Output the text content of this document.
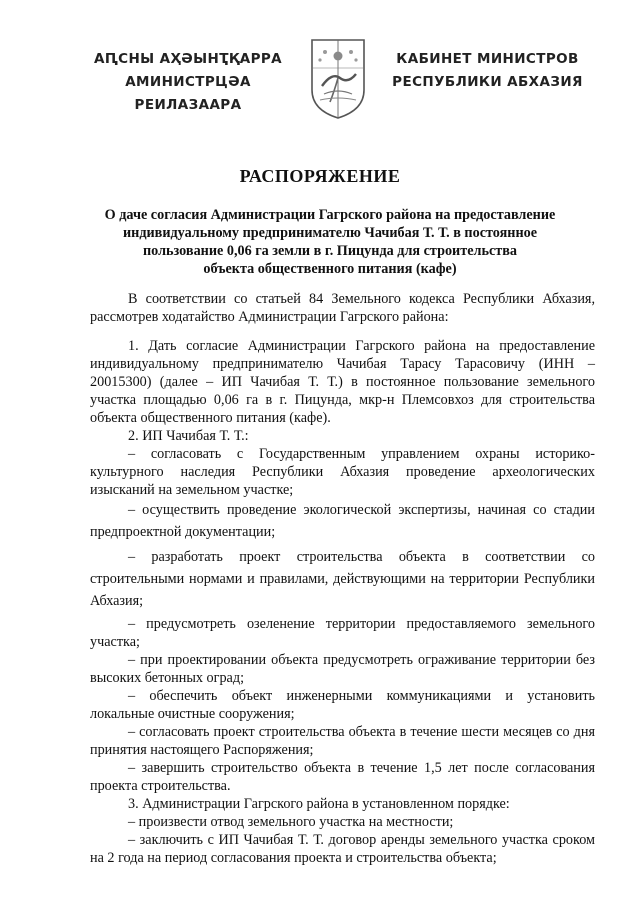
АԤСНЫ АҲӘЫНҬҚАРРА
АМИНИСТРЦӘА РЕИЛАЗААРА
КАБИНЕТ МИНИСТРОВ
РЕСПУБЛИКИ АБХАЗИЯ
РАСПОРЯЖЕНИЕ
О даче согласия Администрации Гагрского района на предоставление
индивидуальному предпринимателю Чачибая Т. Т. в постоянное
пользование 0,06 га земли в г. Пицунда для строительства
объекта общественного питания (кафе)

В соответствии со статьей 84 Земельного кодекса Республики Абхазия, рассмотрев ходатайство Администрации Гагрского района:

1. Дать согласие Администрации Гагрского района на предоставление индивидуальному предпринимателю Чачибая Тарасу Тарасовичу (ИНН – 20015300) (далее – ИП Чачибая Т. Т.) в постоянное пользование земельного участка площадью 0,06 га в г. Пицунда, мкр-н Племсовхоз для строительства объекта общественного питания (кафе).

2. ИП Чачибая Т. Т.:

– согласовать с Государственным управлением охраны историко-культурного наследия Республики Абхазия проведение археологических изысканий на земельном участке;

– осуществить проведение экологической экспертизы, начиная со стадии предпроектной документации;

– разработать проект строительства объекта в соответствии со строительными нормами и правилами, действующими на территории Республики Абхазия;

– предусмотреть озеленение территории предоставляемого земельного участка;

– при проектировании объекта предусмотреть ограживание территории без высоких бетонных оград;

– обеспечить объект инженерными коммуникациями и установить локальные очистные сооружения;

– согласовать проект строительства объекта в течение шести месяцев со дня принятия настоящего Распоряжения;

– завершить строительство объекта в течение 1,5 лет после согласования проекта строительства.

3. Администрации Гагрского района в установленном порядке:

– произвести отвод земельного участка на местности;

– заключить с ИП Чачибая Т. Т. договор аренды земельного участка сроком на 2 года на период согласования проекта и строительства объекта;
